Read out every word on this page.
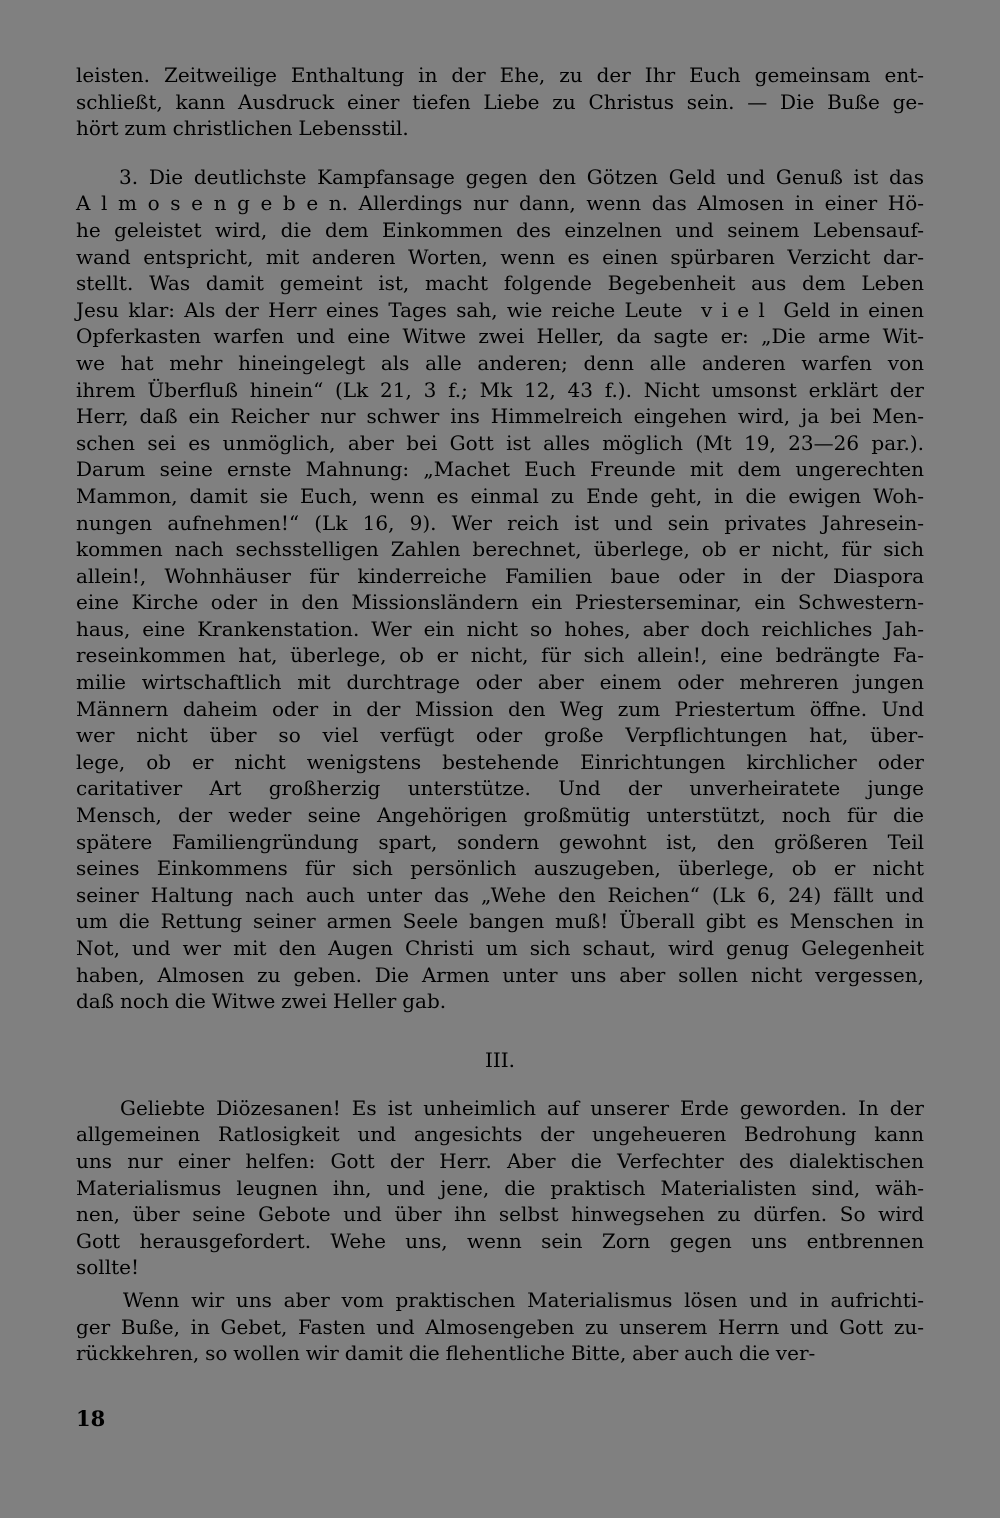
leisten. Zeitweilige Enthaltung in der Ehe, zu der Ihr Euch gemeinsam ent-
schließt, kann Ausdruck einer tiefen Liebe zu Christus sein. — Die Buße ge-
hört zum christlichen Lebensstil.
3. Die deutlichste Kampfansage gegen den Götzen Geld und Genuß ist das
A l m o s e n g e b e n. Allerdings nur dann, wenn das Almosen in einer Hö-
he geleistet wird, die dem Einkommen des einzelnen und seinem Lebensauf-
wand entspricht, mit anderen Worten, wenn es einen spürbaren Verzicht dar-
stellt. Was damit gemeint ist, macht folgende Begebenheit aus dem Leben
Jesu klar: Als der Herr eines Tages sah, wie reiche Leute  v i e l  Geld in einen
Opferkasten warfen und eine Witwe zwei Heller, da sagte er: „Die arme Wit-
we hat mehr hineingelegt als alle anderen; denn alle anderen warfen von
ihrem Überfluß hinein“ (Lk 21, 3 f.; Mk 12, 43 f.). Nicht umsonst erklärt der
Herr, daß ein Reicher nur schwer ins Himmelreich eingehen wird, ja bei Men-
schen sei es unmöglich, aber bei Gott ist alles möglich (Mt 19, 23—26 par.).
Darum seine ernste Mahnung: „Machet Euch Freunde mit dem ungerechten
Mammon, damit sie Euch, wenn es einmal zu Ende geht, in die ewigen Woh-
nungen aufnehmen!“ (Lk 16, 9). Wer reich ist und sein privates Jahresein-
kommen nach sechsstelligen Zahlen berechnet, überlege, ob er nicht, für sich
allein!, Wohnhäuser für kinderreiche Familien baue oder in der Diaspora
eine Kirche oder in den Missionsländern ein Priesterseminar, ein Schwestern-
haus, eine Krankenstation. Wer ein nicht so hohes, aber doch reichliches Jah-
reseinkommen hat, überlege, ob er nicht, für sich allein!, eine bedrängte Fa-
milie wirtschaftlich mit durchtrage oder aber einem oder mehreren jungen
Männern daheim oder in der Mission den Weg zum Priestertum öffne. Und
wer nicht über so viel verfügt oder große Verpflichtungen hat, über-
lege, ob er nicht wenigstens bestehende Einrichtungen kirchlicher oder
caritativer Art großherzig unterstütze. Und der unverheiratete junge
Mensch, der weder seine Angehörigen großmütig unterstützt, noch für die
spätere Familiengründung spart, sondern gewohnt ist, den größeren Teil
seines Einkommens für sich persönlich auszugeben, überlege, ob er nicht
seiner Haltung nach auch unter das „Wehe den Reichen“ (Lk 6, 24) fällt und
um die Rettung seiner armen Seele bangen muß! Überall gibt es Menschen in
Not, und wer mit den Augen Christi um sich schaut, wird genug Gelegenheit
haben, Almosen zu geben. Die Armen unter uns aber sollen nicht vergessen,
daß noch die Witwe zwei Heller gab.
III.
Geliebte Diözesanen! Es ist unheimlich auf unserer Erde geworden. In der
allgemeinen Ratlosigkeit und angesichts der ungeheueren Bedrohung kann
uns nur einer helfen: Gott der Herr. Aber die Verfechter des dialektischen
Materialismus leugnen ihn, und jene, die praktisch Materialisten sind, wäh-
nen, über seine Gebote und über ihn selbst hinwegsehen zu dürfen. So wird
Gott herausgefordert. Wehe uns, wenn sein Zorn gegen uns entbrennen
sollte!
Wenn wir uns aber vom praktischen Materialismus lösen und in aufrichti-
ger Buße, in Gebet, Fasten und Almosengeben zu unserem Herrn und Gott zu-
rückkehren, so wollen wir damit die flehentliche Bitte, aber auch die ver-
18
